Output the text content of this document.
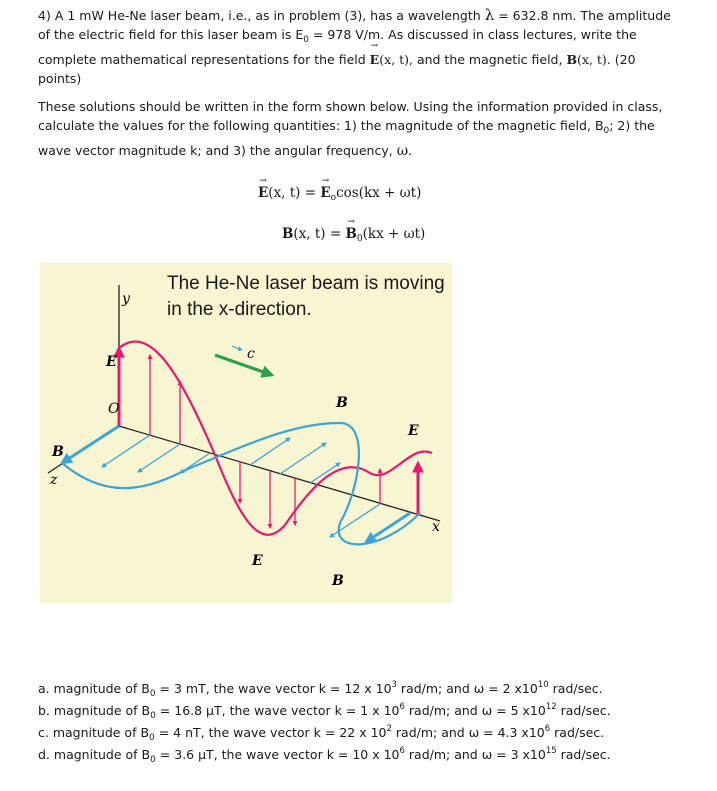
4) A 1 mW He-Ne laser beam, i.e., as in problem (3), has a wavelength λ = 632.8 nm. The amplitude of the electric field for this laser beam is $E_0 = 978$ V/m. As discussed in class lectures, write the complete mathematical representations for the field → E(x, t), and the magnetic field, B(x, t). (20 points)

These solutions should be written in the form shown below. Using the information provided in class, calculate the values for the following quantities: 1) the magnitude of the magnetic field, $B_0$; 2) the wave vector magnitude k; and 3) the angular frequency, ω.

→ E(x, t) = → $E_o\cos(kx + \omega t)$
B(x, t) = → $B_0(kx + \omega t)$
y
z
x
O
c
E
B
B
E
E
B
The He-Ne laser beam is moving in the x-direction.
a. magnitude of $B_0 = 3$ mT, the wave vector k = 12 x $10^3$ rad/m; and ω = 2 $x10^{10}$ rad/sec.
b. magnitude of $B_0 = 16.8$ μT, the wave vector k = 1 x $10^6$ rad/m; and ω = 5 $x10^{12}$ rad/sec.
c. magnitude of $B_0 = 4$ nT, the wave vector k = 22 x $10^2$ rad/m; and ω = 4.3 $x10^6$ rad/sec.
d. magnitude of $B_0 = 3.6$ μT, the wave vector k = 10 x $10^6$ rad/m; and ω = 3 $x10^{15}$ rad/sec.
